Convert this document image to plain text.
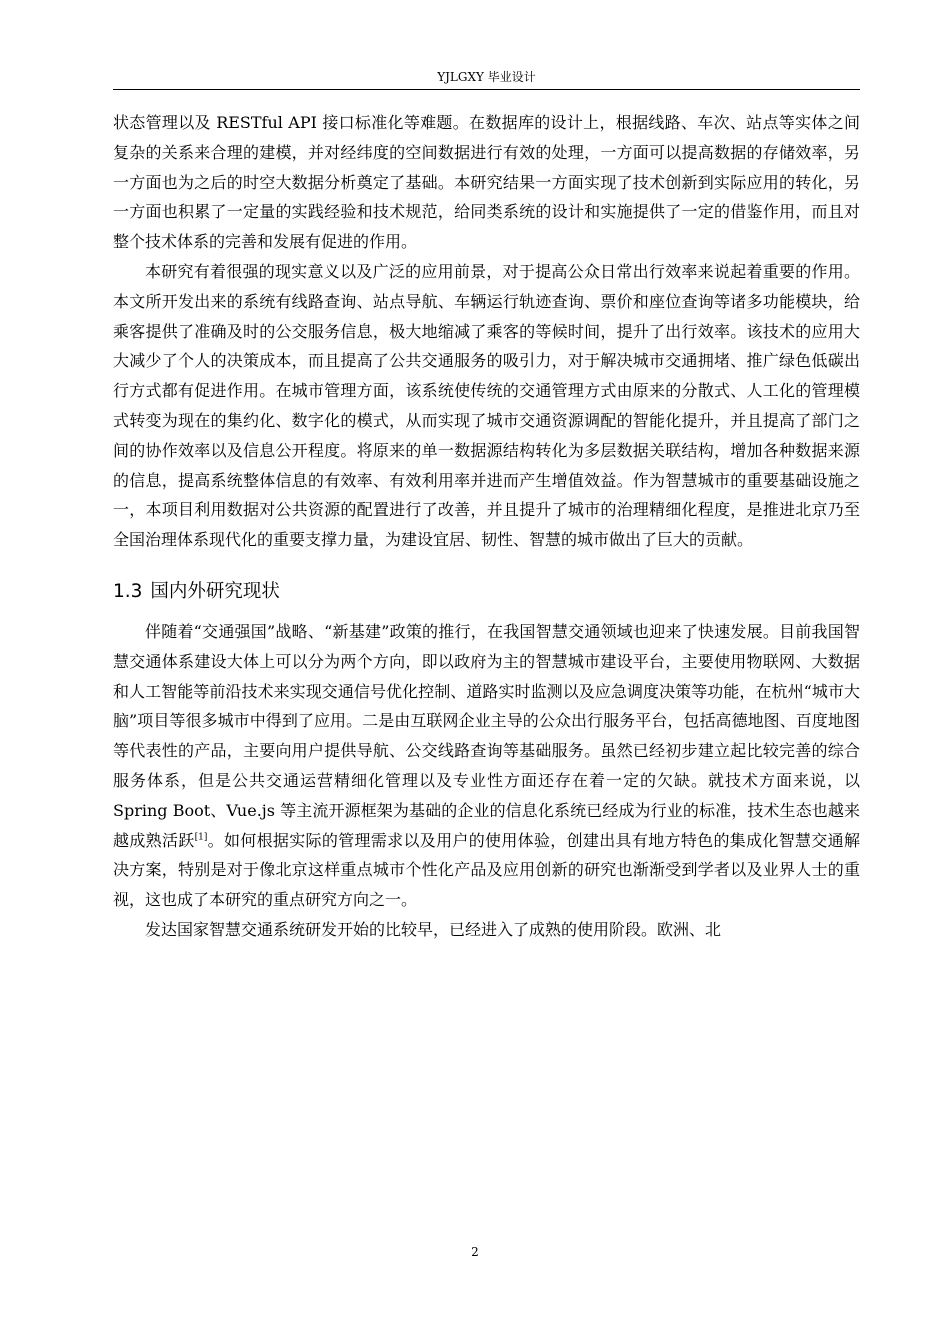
YJLGXY 毕业设计

状态管理以及 RESTful API 接口标准化等难题。在数据库的设计上，根据线路、车次、站点等实体之间复杂的关系来合理的建模，并对经纬度的空间数据进行有效的处理，一方面可以提高数据的存储效率，另一方面也为之后的时空大数据分析奠定了基础。本研究结果一方面实现了技术创新到实际应用的转化，另一方面也积累了一定量的实践经验和技术规范，给同类系统的设计和实施提供了一定的借鉴作用，而且对整个技术体系的完善和发展有促进的作用。

本研究有着很强的现实意义以及广泛的应用前景，对于提高公众日常出行效率来说起着重要的作用。本文所开发出来的系统有线路查询、站点导航、车辆运行轨迹查询、票价和座位查询等诸多功能模块，给乘客提供了准确及时的公交服务信息，极大地缩减了乘客的等候时间，提升了出行效率。该技术的应用大大减少了个人的决策成本，而且提高了公共交通服务的吸引力，对于解决城市交通拥堵、推广绿色低碳出行方式都有促进作用。在城市管理方面，该系统使传统的交通管理方式由原来的分散式、人工化的管理模式转变为现在的集约化、数字化的模式，从而实现了城市交通资源调配的智能化提升，并且提高了部门之间的协作效率以及信息公开程度。将原来的单一数据源结构转化为多层数据关联结构，增加各种数据来源的信息，提高系统整体信息的有效率、有效利用率并进而产生增值效益。作为智慧城市的重要基础设施之一，本项目利用数据对公共资源的配置进行了改善，并且提升了城市的治理精细化程度，是推进北京乃至全国治理体系现代化的重要支撑力量，为建设宜居、韧性、智慧的城市做出了巨大的贡献。

1.3 国内外研究现状

伴随着“交通强国”战略、“新基建”政策的推行，在我国智慧交通领域也迎来了快速发展。目前我国智慧交通体系建设大体上可以分为两个方向，即以政府为主的智慧城市建设平台，主要使用物联网、大数据和人工智能等前沿技术来实现交通信号优化控制、道路实时监测以及应急调度决策等功能，在杭州“城市大脑”项目等很多城市中得到了应用。二是由互联网企业主导的公众出行服务平台，包括高德地图、百度地图等代表性的产品，主要向用户提供导航、公交线路查询等基础服务。虽然已经初步建立起比较完善的综合服务体系，但是公共交通运营精细化管理以及专业性方面还存在着一定的欠缺。就技术方面来说，以 Spring Boot、Vue.js 等主流开源框架为基础的企业的信息化系统已经成为行业的标准，技术生态也越来越成熟活跃[1]。如何根据实际的管理需求以及用户的使用体验，创建出具有地方特色的集成化智慧交通解决方案，特别是对于像北京这样重点城市个性化产品及应用创新的研究也渐渐受到学者以及业界人士的重视，这也成了本研究的重点研究方向之一。

发达国家智慧交通系统研发开始的比较早，已经进入了成熟的使用阶段。欧洲、北

2
